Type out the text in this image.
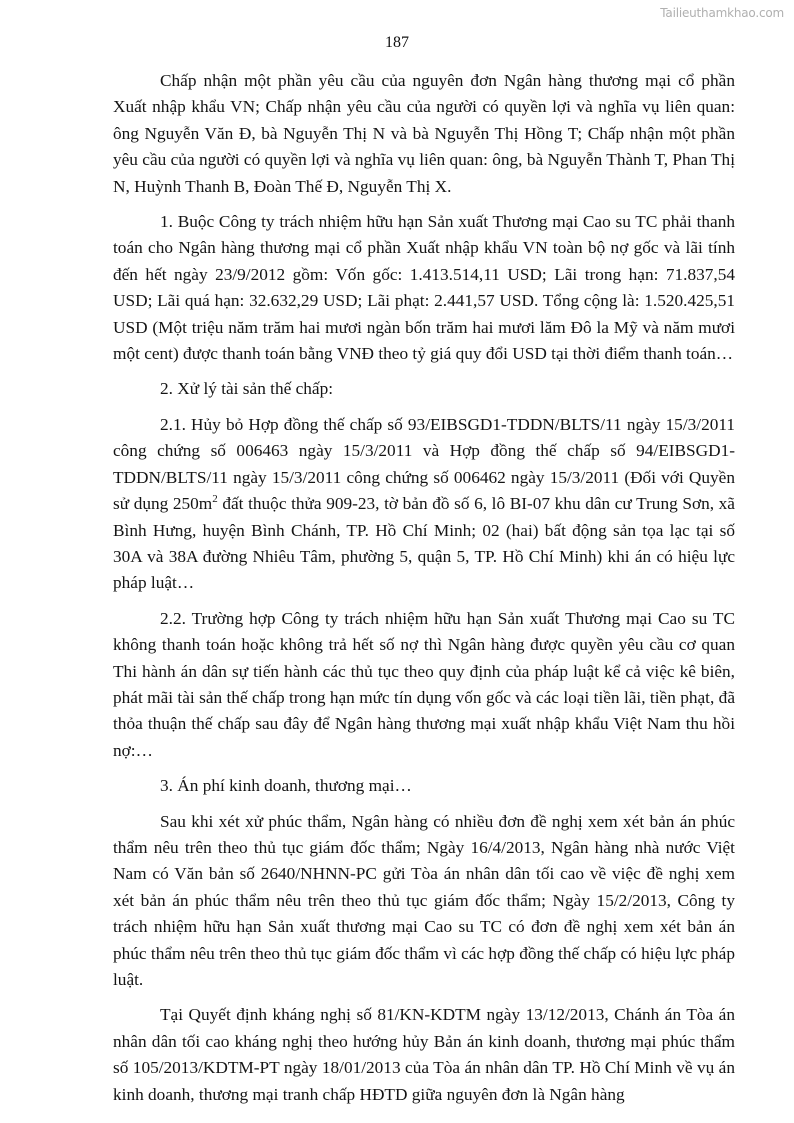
Tailieuthamkhao.com
187

Chấp nhận một phần yêu cầu của nguyên đơn Ngân hàng thương mại cổ phần Xuất nhập khẩu VN; Chấp nhận yêu cầu của người có quyền lợi và nghĩa vụ liên quan: ông Nguyễn Văn Đ, bà Nguyễn Thị N và bà Nguyễn Thị Hồng T; Chấp nhận một phần yêu cầu của người có quyền lợi và nghĩa vụ liên quan: ông, bà Nguyễn Thành T, Phan Thị N, Huỳnh Thanh B, Đoàn Thế Đ, Nguyễn Thị X.

1. Buộc Công ty trách nhiệm hữu hạn Sản xuất Thương mại Cao su TC phải thanh toán cho Ngân hàng thương mại cổ phần Xuất nhập khẩu VN toàn bộ nợ gốc và lãi tính đến hết ngày 23/9/2012 gồm: Vốn gốc: 1.413.514,11 USD; Lãi trong hạn: 71.837,54 USD; Lãi quá hạn: 32.632,29 USD; Lãi phạt: 2.441,57 USD. Tổng cộng là: 1.520.425,51 USD (Một triệu năm trăm hai mươi ngàn bốn trăm hai mươi lăm Đô la Mỹ và năm mươi một cent) được thanh toán bằng VNĐ theo tỷ giá quy đổi USD tại thời điểm thanh toán…

2. Xử lý tài sản thế chấp:

2.1. Hủy bỏ Hợp đồng thế chấp số 93/EIBSGD1-TDDN/BLTS/11 ngày 15/3/2011 công chứng số 006463 ngày 15/3/2011 và Hợp đồng thế chấp số 94/EIBSGD1-TDDN/BLTS/11 ngày 15/3/2011 công chứng số 006462 ngày 15/3/2011 (Đối với Quyền sử dụng $250m^2$ đất thuộc thửa 909-23, tờ bản đồ số 6, lô BI-07 khu dân cư Trung Sơn, xã Bình Hưng, huyện Bình Chánh, TP. Hồ Chí Minh; 02 (hai) bất động sản tọa lạc tại số 30A và 38A đường Nhiêu Tâm, phường 5, quận 5, TP. Hồ Chí Minh) khi án có hiệu lực pháp luật…

2.2. Trường hợp Công ty trách nhiệm hữu hạn Sản xuất Thương mại Cao su TC không thanh toán hoặc không trả hết số nợ thì Ngân hàng được quyền yêu cầu cơ quan Thi hành án dân sự tiến hành các thủ tục theo quy định của pháp luật kể cả việc kê biên, phát mãi tài sản thế chấp trong hạn mức tín dụng vốn gốc và các loại tiền lãi, tiền phạt, đã thỏa thuận thế chấp sau đây để Ngân hàng thương mại xuất nhập khẩu Việt Nam thu hồi nợ:…

3. Án phí kinh doanh, thương mại…

Sau khi xét xử phúc thẩm, Ngân hàng có nhiều đơn đề nghị xem xét bản án phúc thẩm nêu trên theo thủ tục giám đốc thẩm; Ngày 16/4/2013, Ngân hàng nhà nước Việt Nam có Văn bản số 2640/NHNN-PC gửi Tòa án nhân dân tối cao về việc đề nghị xem xét bản án phúc thẩm nêu trên theo thủ tục giám đốc thẩm; Ngày 15/2/2013, Công ty trách nhiệm hữu hạn Sản xuất thương mại Cao su TC có đơn đề nghị xem xét bản án phúc thẩm nêu trên theo thủ tục giám đốc thẩm vì các hợp đồng thế chấp có hiệu lực pháp luật.

Tại Quyết định kháng nghị số 81/KN-KDTM ngày 13/12/2013, Chánh án Tòa án nhân dân tối cao kháng nghị theo hướng hủy Bản án kinh doanh, thương mại phúc thẩm số 105/2013/KDTM-PT ngày 18/01/2013 của Tòa án nhân dân TP. Hồ Chí Minh về vụ án kinh doanh, thương mại tranh chấp HĐTD giữa nguyên đơn là Ngân hàng
